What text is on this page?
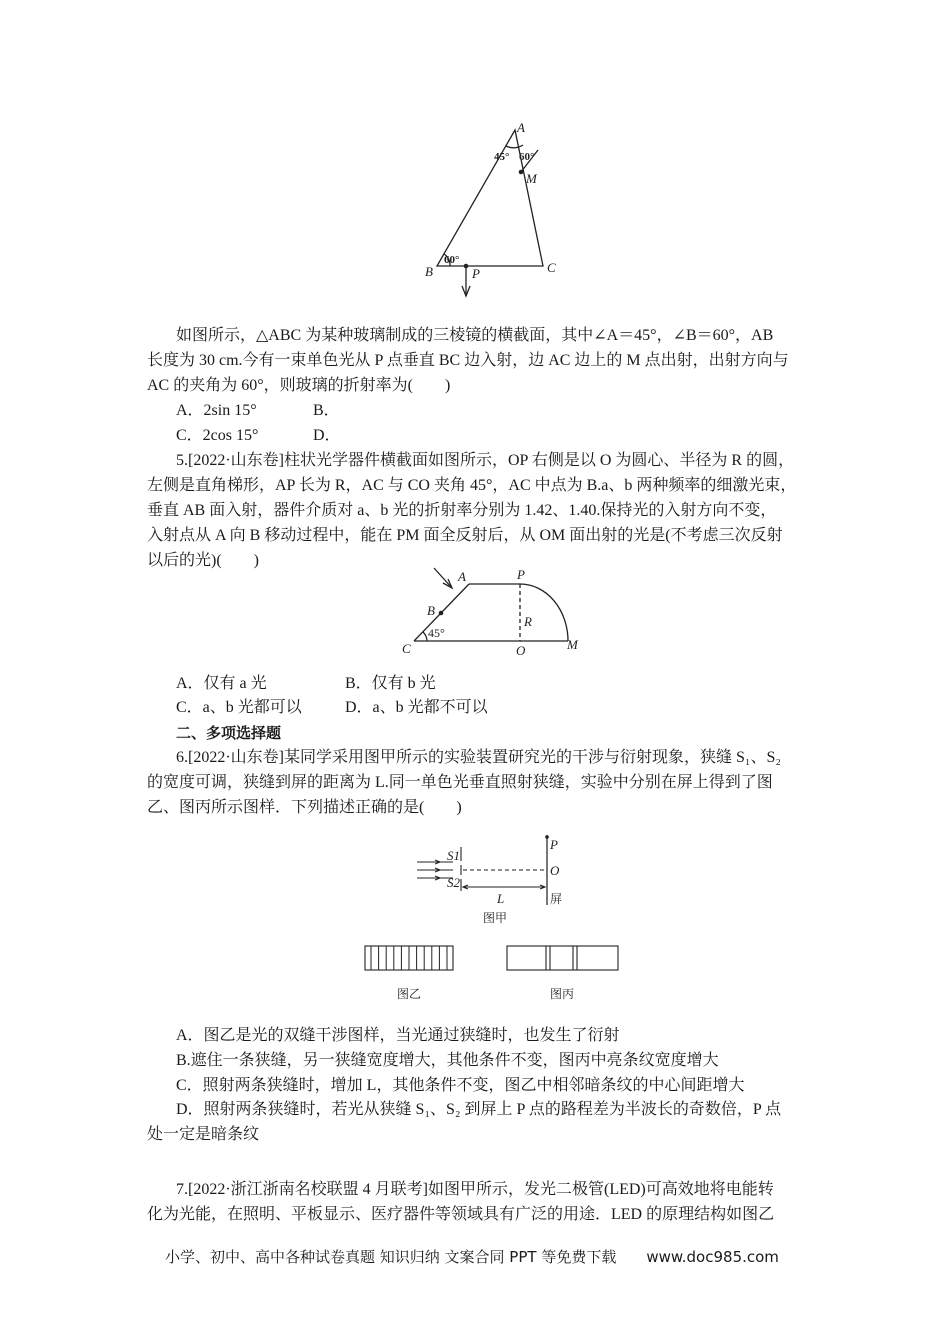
A
M
B	C
P
45° 60°
60°
如图所示，△ABC 为某种玻璃制成的三棱镜的横截面，其中∠A＝45°，∠B＝60°，AB
长度为 30 cm.今有一束单色光从 P 点垂直 BC 边入射，边 AC 边上的 M 点出射，出射方向与
AC 的夹角为 60°，则玻璃的折射率为(　　)
A．2sin 15°	B．
C．2cos 15°	D．
5.[2022·山东卷]柱状光学器件横截面如图所示，OP 右侧是以 O 为圆心、半径为 R 的圆，
左侧是直角梯形，AP 长为 R，AC 与 CO 夹角 45°，AC 中点为 B.a、b 两种频率的细激光束，
垂直 AB 面入射，器件介质对 a、b 光的折射率分别为 1.42、1.40.保持光的入射方向不变，
入射点从 A 向 B 移动过程中，能在 PM 面全反射后，从 OM 面出射的光是(不考虑三次反射
以后的光)(　　)
A	P
B
R
C	O	M
45°
A．仅有 a 光	B．仅有 b 光
C．a、b 光都可以	D．a、b 光都不可以
二、多项选择题
6.[2022·山东卷]某同学采用图甲所示的实验装置研究光的干涉与衍射现象，狭缝 S₁、S₂
的宽度可调，狭缝到屏的距离为 L.同一单色光垂直照射狭缝，实验中分别在屏上得到了图
乙、图丙所示图样．下列描述正确的是(　　)
S1
S2
P
O
L	屏
图甲
图乙	图丙
A．图乙是光的双缝干涉图样，当光通过狭缝时，也发生了衍射
B.遮住一条狭缝，另一狭缝宽度增大，其他条件不变，图丙中亮条纹宽度增大
C．照射两条狭缝时，增加 L，其他条件不变，图乙中相邻暗条纹的中心间距增大
D．照射两条狭缝时，若光从狭缝 S₁、S₂ 到屏上 P 点的路程差为半波长的奇数倍，P 点
处一定是暗条纹
7.[2022·浙江浙南名校联盟 4 月联考]如图甲所示，发光二极管(LED)可高效地将电能转
化为光能，在照明、平板显示、医疗器件等领域具有广泛的用途．LED 的原理结构如图乙
小学、初中、高中各种试卷真题 知识归纳 文案合同 PPT 等免费下载 www.doc985.com
